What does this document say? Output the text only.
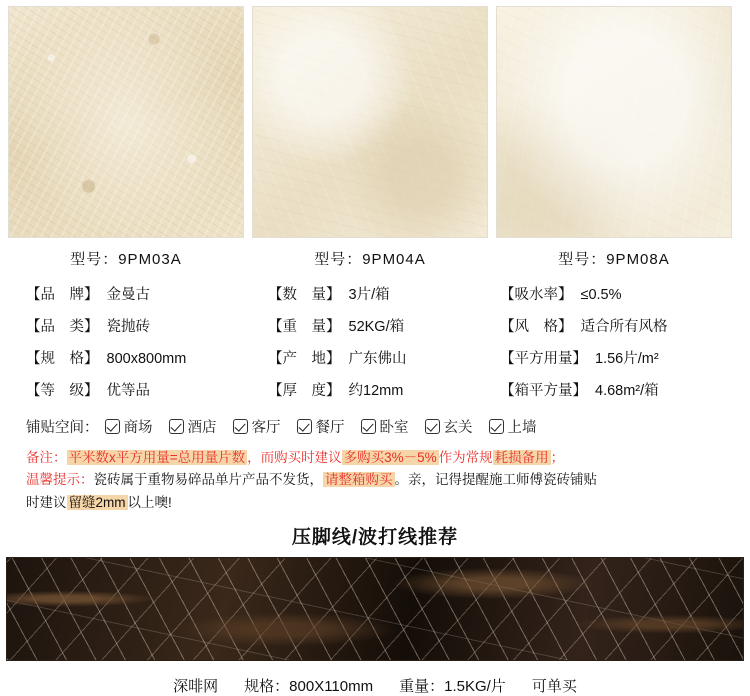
型号：9PM03A	型号：9PM04A	型号：9PM08A
【品　牌】 金曼古	【数　量】 3片/箱	【吸水率】 ≤0.5%
【品　类】 瓷抛砖	【重　量】 52KG/箱	【风　格】 适合所有风格
【规　格】 800x800mm	【产　地】 广东佛山	【平方用量】 1.56片/m²
【等　级】 优等品	【厚　度】 约12mm	【箱平方量】 4.68m²/箱
铺贴空间： 商场 酒店 客厅 餐厅 卧室 玄关 上墙
备注： 平米数x平方用量=总用量片数 ，而购买时建议 多购买3%－5% 作为常规 耗损备用 ；
温馨提示：瓷砖属于重物易碎品单片产品不发货， 请整箱购买 。亲，记得提醒施工师傅瓷砖铺贴
时建议 留缝2mm 以上噢!
压脚线/波打线推荐
深啡网 规格：800X110mm 重量：1.5KG/片 可单买
